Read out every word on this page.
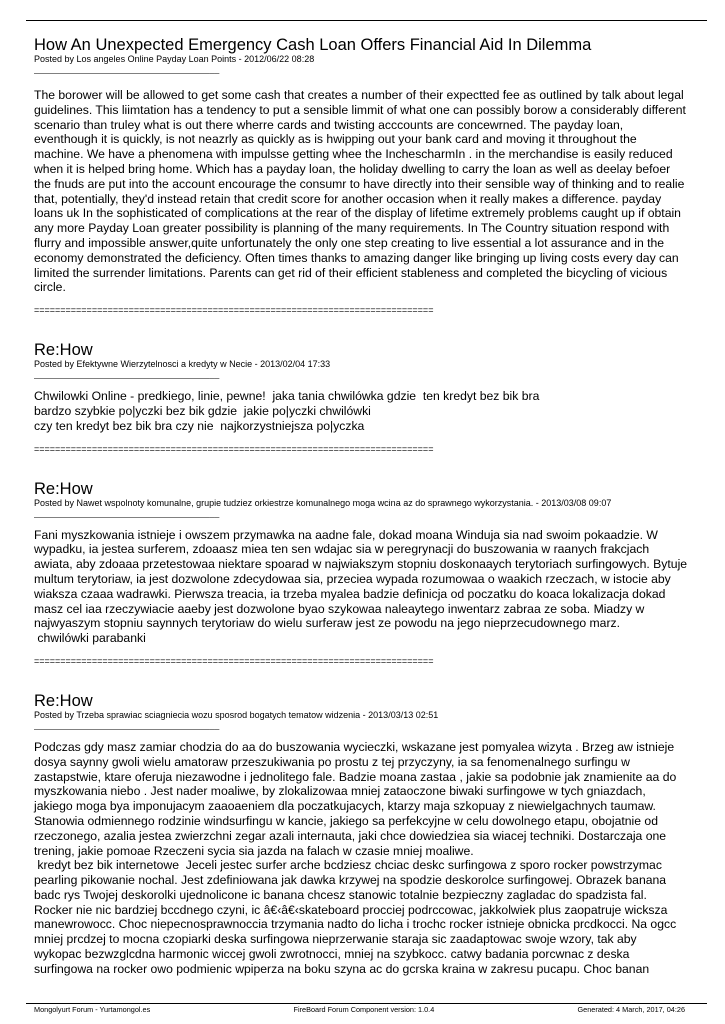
How An Unexpected Emergency Cash Loan Offers Financial Aid In Dilemma

Posted by Los angeles Online Payday Loan Points - 2012/06/22 08:28

_____________________________________

The borower will be allowed to get some cash that creates a number of their expectted fee as outlined by talk about legal
guidelines. This liimtation has a tendency to put a sensible limmit of what one can possibly borow a considerably different
scenario than truley what is out there wherre cards and twisting acccounts are concewrned. The payday loan,
eventhough it is quickly, is not neazrly as quickly as is hwipping out your bank card and moving it throughout the
machine. We have a phenomena with impulsse getting whee the InchescharmIn . in the merchandise is easily reduced
when it is helped bring home. Which has a payday loan, the holiday dwelling to carry the loan as well as deelay befoer
the fnuds are put into the account encourage the consumr to have directly into their sensible way of thinking and to realie
that, potentially, they'd instead retain that credit score for another occasion when it really makes a difference. payday
loans uk In the sophisticated of complications at the rear of the display of lifetime extremely problems caught up if obtain
any more Payday Loan greater possibility is planning of the many requirements. In The Country situation respond with
flurry and impossible answer,quite unfortunately the only one step creating to live essential a lot assurance and in the
economy demonstrated the deficiency. Often times thanks to amazing danger like bringing up living costs every day can
limited the surrender limitations. Parents can get rid of their efficient stableness and completed the bicycling of vicious
circle.

============================================================================

Re:How

Posted by Efektywne Wierzytelnosci a kredyty w Necie - 2013/02/04 17:33

_____________________________________

Chwilowki Online - predkiego, linie, pewne!  jaka tania chwilówka gdzie  ten kredyt bez bik bra
bardzo szybkie po|yczki bez bik gdzie  jakie po|yczki chwilówki
czy ten kredyt bez bik bra czy nie  najkorzystniejsza po|yczka

============================================================================

Re:How

Posted by Nawet wspolnoty komunalne, grupie tudziez orkiestrze komunalnego moga wcina az do sprawnego wykorzystania. - 2013/03/08 09:07

_____________________________________

Fani myszkowania istnieje i owszem przymawka na aadne fale, dokad moana Winduja sia nad swoim pokaadzie. W
wypadku, ia jestea surferem, zdoaasz miea ten sen wdajac sia w peregrynacji do buszowania w raanych frakcjach
awiata, aby zdoaaa przetestowaa niektare spoarad w najwiakszym stopniu doskonaaych terytoriach surfingowych. Bytuje
multum terytoriaw, ia jest dozwolone zdecydowaa sia, przeciea wypada rozumowaa o waakich rzeczach, w istocie aby
wiaksza czaaa wadrawki. Pierwsza treacia, ia trzeba myalea badzie definicja od poczatku do koaca lokalizacja dokad
masz cel iaa rzeczywiacie aaeby jest dozwolone byao szykowaa naleaytego inwentarz zabraa ze soba. Miadzy w
najwyaszym stopniu saynnych terytoriaw do wielu surferaw jest ze powodu na jego nieprzecudownego marz.
chwilówki parabanki

============================================================================

Re:How

Posted by Trzeba sprawiac sciagniecia wozu sposrod bogatych tematow widzenia - 2013/03/13 02:51

_____________________________________

Podczas gdy masz zamiar chodzia do aa do buszowania wycieczki, wskazane jest pomyalea wizyta . Brzeg aw istnieje
dosya saynny gwoli wielu amatoraw przeszukiwania po prostu z tej przyczyny, ia sa fenomenalnego surfingu w
zastapstwie, ktare oferuja niezawodne i jednolitego fale. Badzie moana zastaa , jakie sa podobnie jak znamienite aa do
myszkowania niebo . Jest nader moaliwe, by zlokalizowaa mniej zataoczone biwaki surfingowe w tych gniazdach,
jakiego moga bya imponujacym zaaoaeniem dla poczatkujacych, ktarzy maja szkopuay z niewielgachnych taumaw.
Stanowia odmiennego rodzinie windsurfingu w kancie, jakiego sa perfekcyjne w celu dowolnego etapu, obojatnie od
rzeczonego, azalia jestea zwierzchni zegar azali internauta, jaki chce dowiedziea sia wiacej techniki. Dostarczaja one
trening, jakie pomoae Rzeczeni sycia sia jazda na falach w czasie mniej moaliwe.
kredyt bez bik internetowe  Jeceli jestec surfer arche bcdziesz chciac deskc surfingowa z sporo rocker powstrzymac
pearling pikowanie nochal. Jest zdefiniowana jak dawka krzywej na spodzie deskorolce surfingowej. Obrazek banana
badc rys Twojej deskorolki ujednolicone ic banana chcesz stanowic totalnie bezpieczny zagladac do spadzista fal.
Rocker nie nic bardziej bccdnego czyni, ic â€‹â€‹skateboard procciej podrccowac, jakkolwiek plus zaopatruje wicksza
manewrowocc. Choc niepecnosprawnoccia trzymania nadto do licha i trochc rocker istnieje obnicka prcdkocci. Na ogcc
mniej prcdzej to mocna czopiarki deska surfingowa nieprzerwanie staraja sic zaadaptowac swoje wzory, tak aby
wykopac bezwzglcdna harmonic wiccej gwoli zwrotnocci, mniej na szybkocc. catwy badania porcwnac z deska
surfingowa na rocker owo podmienic wpiperza na boku szyna ac do gcrska kraina w zakresu pucapu. Choc banan

Mongolyurt Forum - Yurtamongol.es	FireBoard Forum Component version: 1.0.4	Generated: 4 March, 2017, 04:26
